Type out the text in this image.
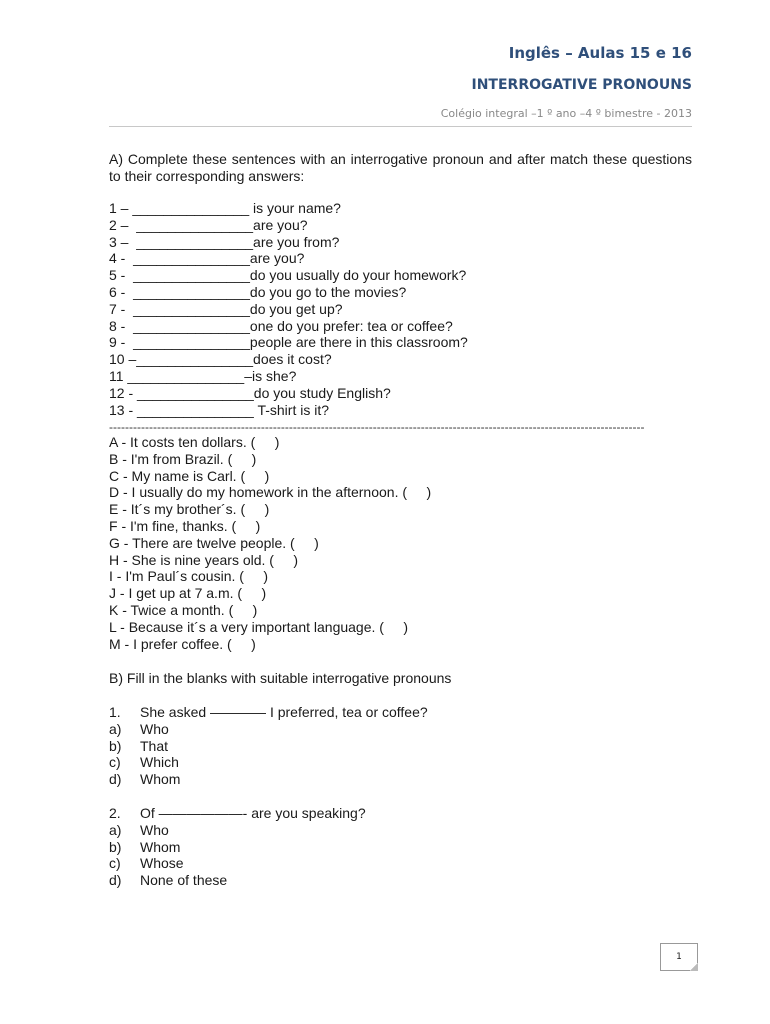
Inglês – Aulas 15 e 16
INTERROGATIVE PRONOUNS
Colégio integral –1 º ano –4 º bimestre - 2013
A) Complete these sentences with an interrogative pronoun and after match these questions to their corresponding answers:
1 – _______________ is your name?
2 –  _______________are you?
3 –  _______________are you from?
4 -  _______________are you?
5 -  _______________do you usually do your homework?
6 -  _______________do you go to the movies?
7 -  _______________do you get up?
8 -  _______________one do you prefer: tea or coffee?
9 -  _______________people are there in this classroom?
10 –_______________does it cost?
11 _______________–is she?
12 - _______________do you study English?
13 - _______________ T-shirt is it?
--------------------------------------------------------------------------------------------------------------------------------------
A - It costs ten dollars. (     )
B - I'm from Brazil. (     )
C - My name is Carl. (     )
D - I usually do my homework in the afternoon. (     )
E - It´s my brother´s. (     )
F - I'm fine, thanks. (     )
G - There are twelve people. (     )
H - She is nine years old. (     )
I - I'm Paul´s cousin. (     )
J - I get up at 7 a.m. (     )
K - Twice a month. (     )
L - Because it´s a very important language. (     )
M - I prefer coffee. (     )
B) Fill in the blanks with suitable interrogative pronouns
1. She asked ———— I preferred, tea or coffee?
a) Who
b) That
c) Which
d) Whom
2. Of ——————- are you speaking?
a) Who
b) Whom
c) Whose
d) None of these
1
